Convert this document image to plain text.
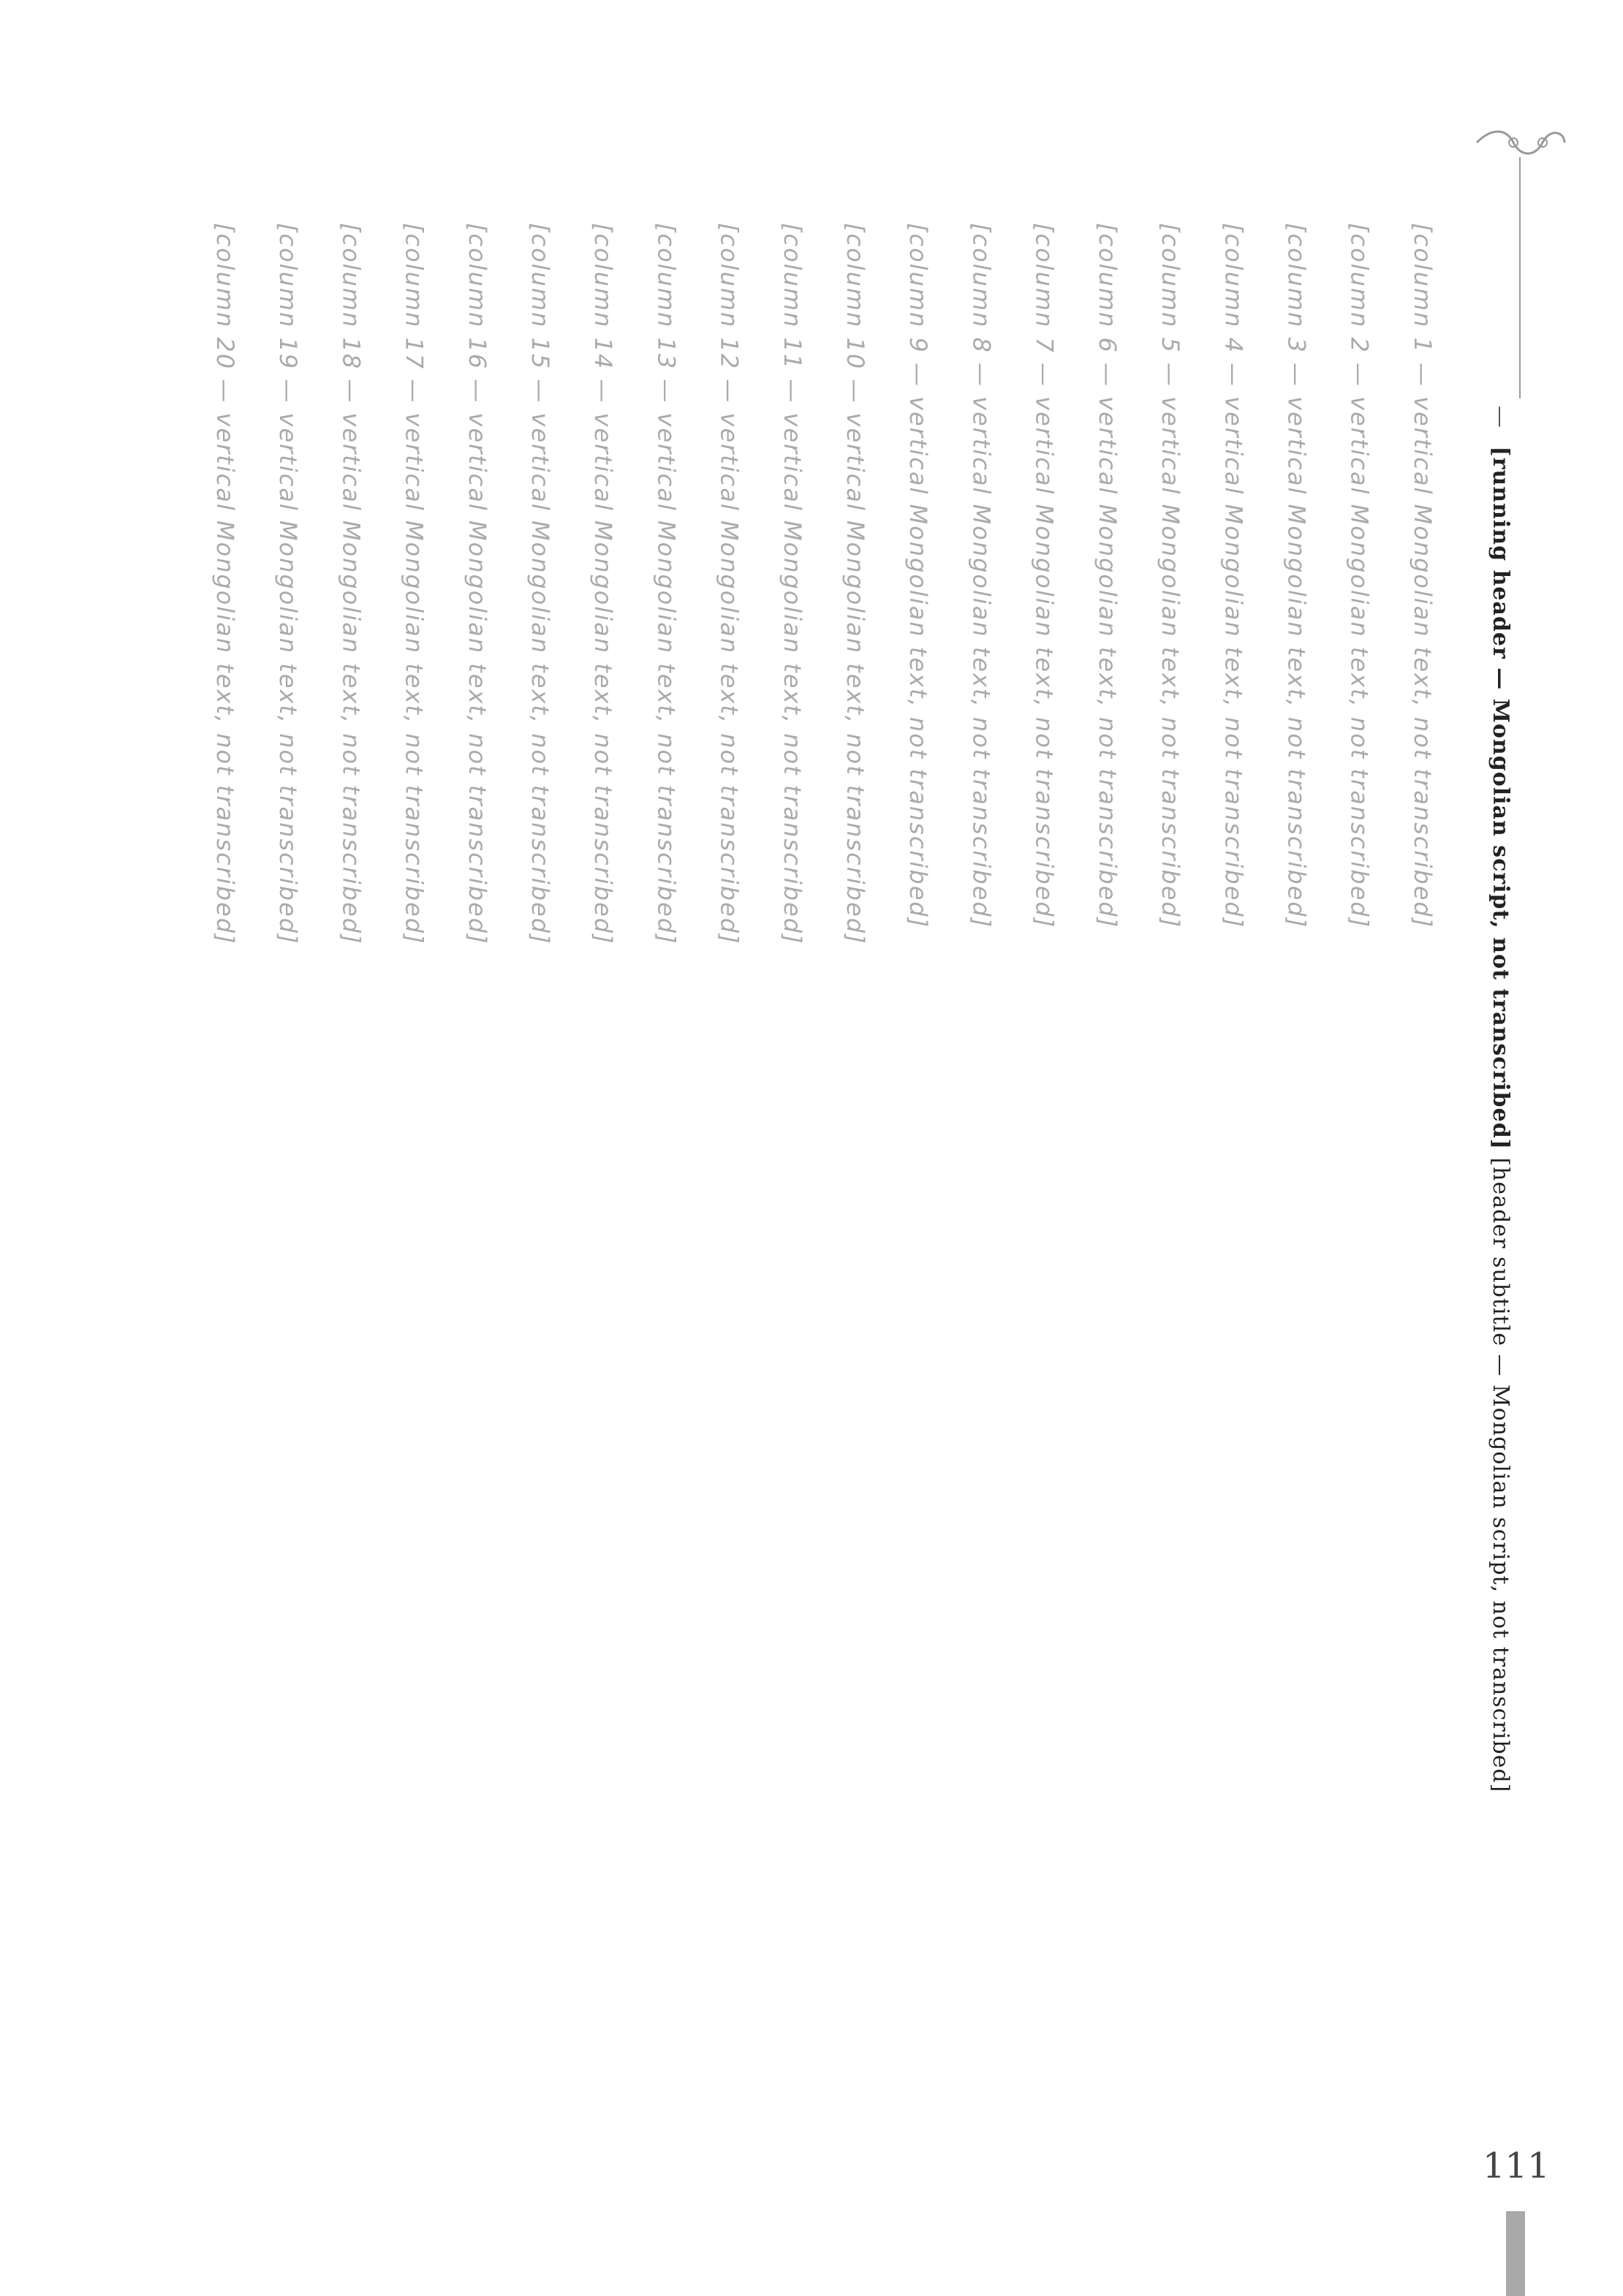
— [running header — Mongolian script, not transcribed] [header subtitle — Mongolian script, not transcribed]
[column 1 — vertical Mongolian text, not transcribed]
[column 2 — vertical Mongolian text, not transcribed]
[column 3 — vertical Mongolian text, not transcribed]
[column 4 — vertical Mongolian text, not transcribed]
[column 5 — vertical Mongolian text, not transcribed]
[column 6 — vertical Mongolian text, not transcribed]
[column 7 — vertical Mongolian text, not transcribed]
[column 8 — vertical Mongolian text, not transcribed]
[column 9 — vertical Mongolian text, not transcribed]
[column 10 — vertical Mongolian text, not transcribed]
[column 11 — vertical Mongolian text, not transcribed]
[column 12 — vertical Mongolian text, not transcribed]
[column 13 — vertical Mongolian text, not transcribed]
[column 14 — vertical Mongolian text, not transcribed]
[column 15 — vertical Mongolian text, not transcribed]
[column 16 — vertical Mongolian text, not transcribed]
[column 17 — vertical Mongolian text, not transcribed]
[column 18 — vertical Mongolian text, not transcribed]
[column 19 — vertical Mongolian text, not transcribed]
[column 20 — vertical Mongolian text, not transcribed]
111
